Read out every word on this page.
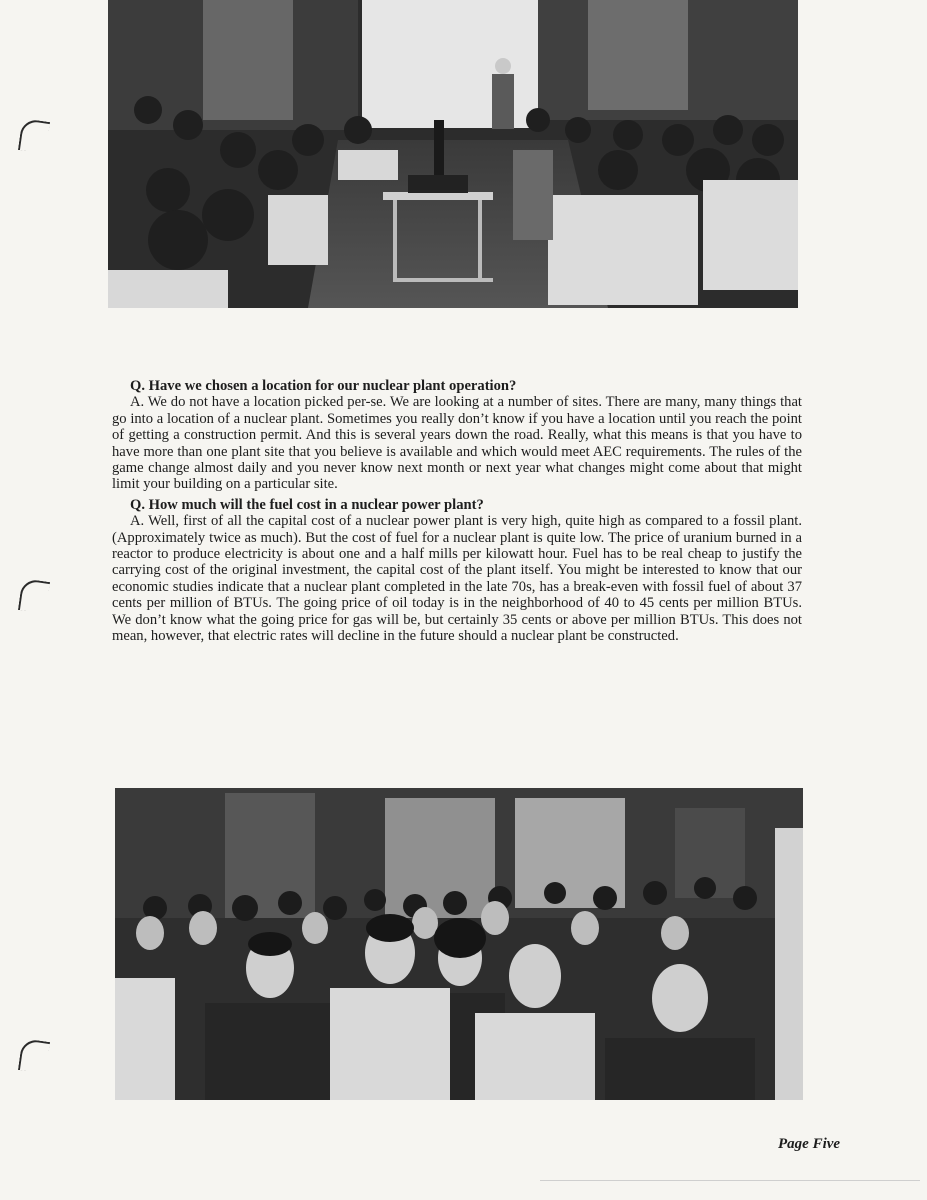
Q. Have we chosen a location for our nuclear plant operation?

A. We do not have a location picked per-se. We are looking at a number of sites. There are many, many things that go into a location of a nuclear plant. Sometimes you really don’t know if you have a location until you reach the point of getting a construction permit. And this is several years down the road. Really, what this means is that you have to have more than one plant site that you believe is available and which would meet AEC requirements. The rules of the game change almost daily and you never know next month or next year what changes might come about that might limit your building on a particular site.

Q. How much will the fuel cost in a nuclear power plant?

A. Well, first of all the capital cost of a nuclear power plant is very high, quite high as compared to a fossil plant. (Approximately twice as much). But the cost of fuel for a nuclear plant is quite low. The price of uranium burned in a reactor to produce electricity is about one and a half mills per kilowatt hour. Fuel has to be real cheap to justify the carrying cost of the original investment, the capital cost of the plant itself. You might be interested to know that our economic studies indicate that a nuclear plant completed in the late 70s, has a break-even with fossil fuel of about 37 cents per million of BTUs. The going price of oil today is in the neighborhood of 40 to 45 cents per million BTUs. We don’t know what the going price for gas will be, but certainly 35 cents or above per million BTUs. This does not mean, however, that electric rates will decline in the future should a nuclear plant be constructed.

Page Five
